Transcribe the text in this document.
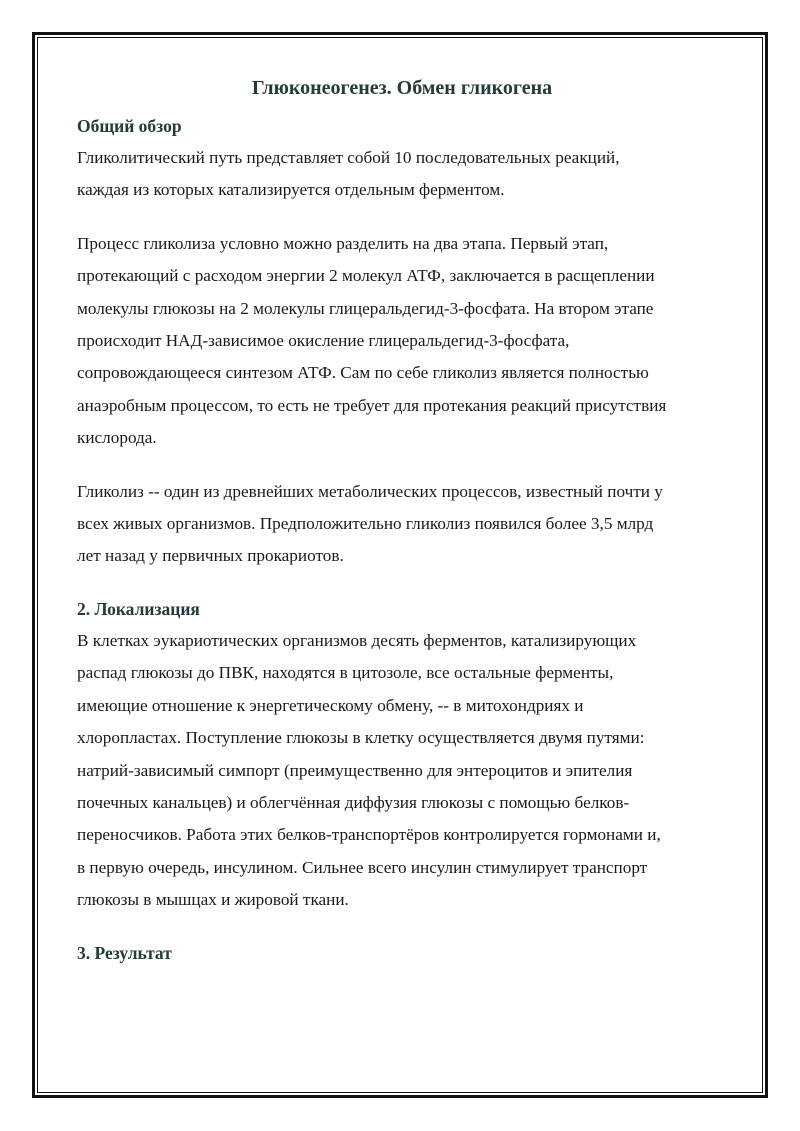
Глюконеогенез. Обмен гликогена
Общий обзор

Гликолитический путь представляет собой 10 последовательных реакций,
каждая из которых катализируется отдельным ферментом.

Процесс гликолиза условно можно разделить на два этапа. Первый этап,
протекающий с расходом энергии 2 молекул АТФ, заключается в расщеплении
молекулы глюкозы на 2 молекулы глицеральдегид-3-фосфата. На втором этапе
происходит НАД-зависимое окисление глицеральдегид-3-фосфата,
сопровождающееся синтезом АТФ. Сам по себе гликолиз является полностью
анаэробным процессом, то есть не требует для протекания реакций присутствия
кислорода.

Гликолиз -- один из древнейших метаболических процессов, известный почти у
всех живых организмов. Предположительно гликолиз появился более 3,5 млрд
лет назад у первичных прокариотов.

2. Локализация

В клетках эукариотических организмов десять ферментов, катализирующих
распад глюкозы до ПВК, находятся в цитозоле, все остальные ферменты,
имеющие отношение к энергетическому обмену, -- в митохондриях и
хлоропластах. Поступление глюкозы в клетку осуществляется двумя путями:
натрий-зависимый симпорт (преимущественно для энтероцитов и эпителия
почечных канальцев) и облегчённая диффузия глюкозы с помощью белков-
переносчиков. Работа этих белков-транспортёров контролируется гормонами и,
в первую очередь, инсулином. Сильнее всего инсулин стимулирует транспорт
глюкозы в мышцах и жировой ткани.

3. Результат
